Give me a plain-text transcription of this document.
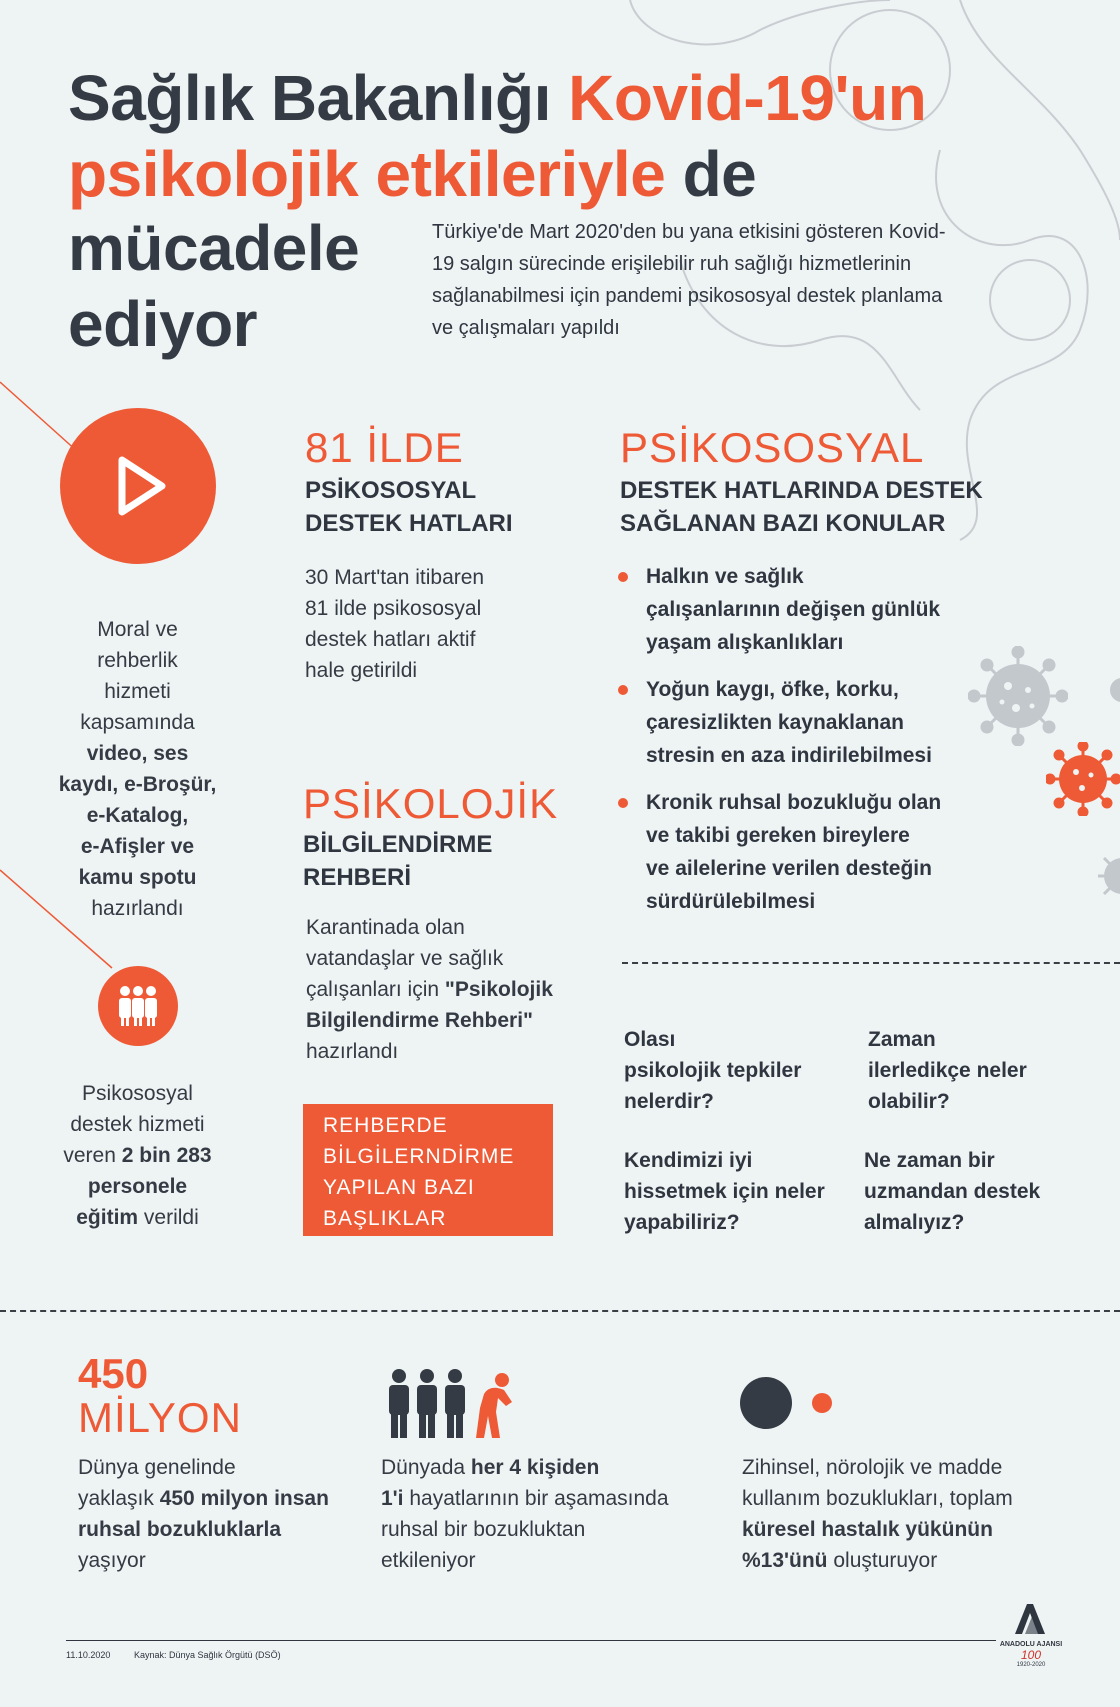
Sağlık Bakanlığı Kovid-19'un
psikolojik etkileriyle de
mücadele
ediyor
Türkiye'de Mart 2020'den bu yana etkisini gösteren Kovid-19 salgın sürecinde erişilebilir ruh sağlığı hizmetlerinin sağlanabilmesi için pandemi psikososyal destek planlama ve çalışmaları yapıldı
Moral ve
rehberlik
hizmeti
kapsamında
video, ses
kaydı, e-Broşür,
e-Katalog,
e-Afişler ve
kamu spotu
hazırlandı
Psikososyal
destek hizmeti
veren 2 bin 283
personele
eğitim verildi
81 İLDE
PSİKOSOSYAL
DESTEK HATLARI
30 Mart'tan itibaren
81 ilde psikososyal
destek hatları aktif
hale getirildi
PSİKOLOJİK
BİLGİLENDİRME
REHBERİ
Karantinada olan
vatandaşlar ve sağlık
çalışanları için "Psikolojik
Bilgilendirme Rehberi"
hazırlandı
REHBERDE
BİLGİLERNDİRME
YAPILAN BAZI
BAŞLIKLAR
PSİKOSOSYAL
DESTEK HATLARINDA DESTEK
SAĞLANAN BAZI KONULAR
Halkın ve sağlık
çalışanlarının değişen günlük
yaşam alışkanlıkları
Yoğun kaygı, öfke, korku,
çaresizlikten kaynaklanan
stresin en aza indirilebilmesi
Kronik ruhsal bozukluğu olan
ve takibi gereken bireylere
ve ailelerine verilen desteğin
sürdürülebilmesi
Olası
psikolojik tepkiler
nelerdir?
Zaman
ilerledikçe neler
olabilir?
Kendimizi iyi
hissetmek için neler
yapabiliriz?
Ne zaman bir
uzmandan destek
almalıyız?
450
MİLYON
Dünya genelinde
yaklaşık 450 milyon insan
ruhsal bozukluklarla
yaşıyor
Dünyada her 4 kişiden
1'i hayatlarının bir aşamasında
ruhsal bir bozukluktan
etkileniyor
Zihinsel, nörolojik ve madde
kullanım bozuklukları, toplam
küresel hastalık yükünün
%13'ünü oluşturuyor
11.10.2020	Kaynak: Dünya Sağlık Örgütü (DSÖ)
ANADOLU AJANSI
100
1920-2020
